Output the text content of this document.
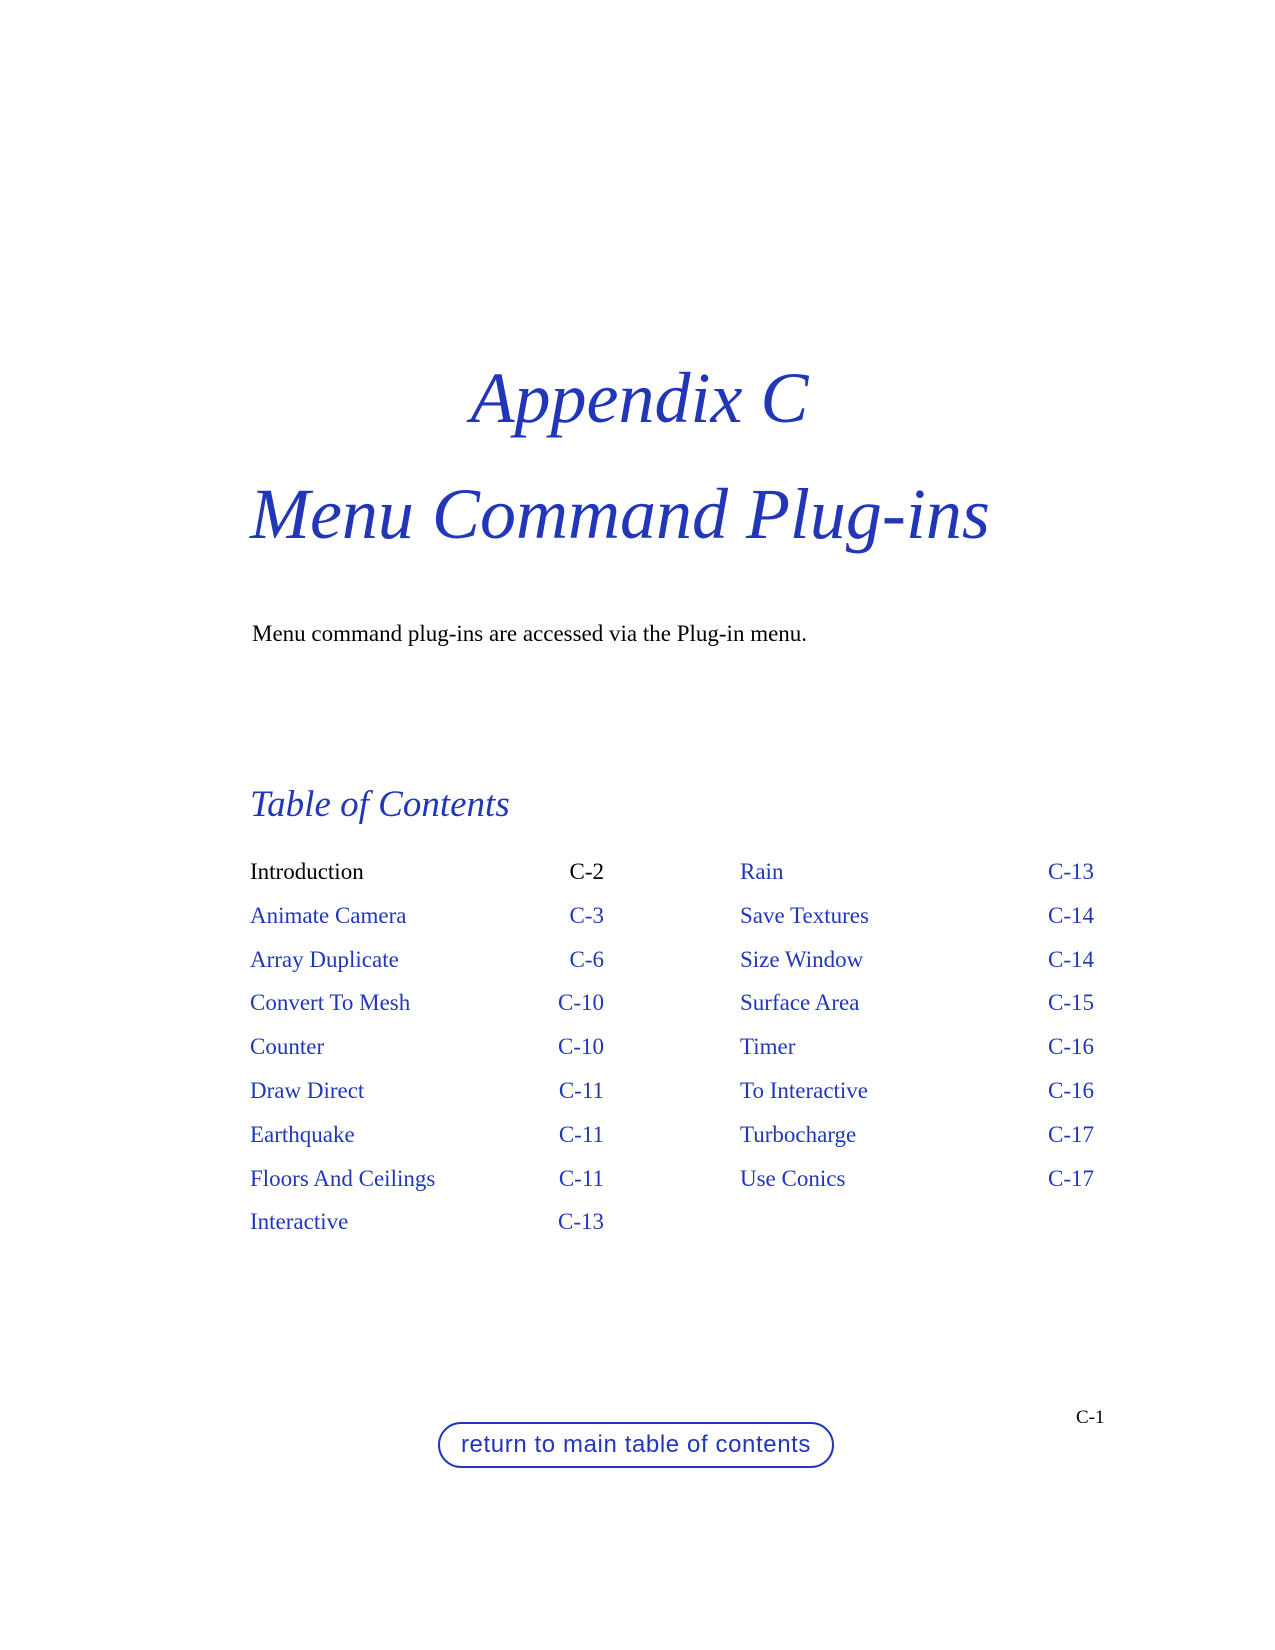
Appendix C
Menu Command Plug-ins
Menu command plug-ins are accessed via the Plug-in menu.
Table of Contents
Introduction	C-2
Animate Camera	C-3
Array Duplicate	C-6
Convert To Mesh	C-10
Counter	C-10
Draw Direct	C-11
Earthquake	C-11
Floors And Ceilings	C-11
Interactive	C-13
Rain	C-13
Save Textures	C-14
Size Window	C-14
Surface Area	C-15
Timer	C-16
To Interactive	C-16
Turbocharge	C-17
Use Conics	C-17
C-1
return to main table of contents
